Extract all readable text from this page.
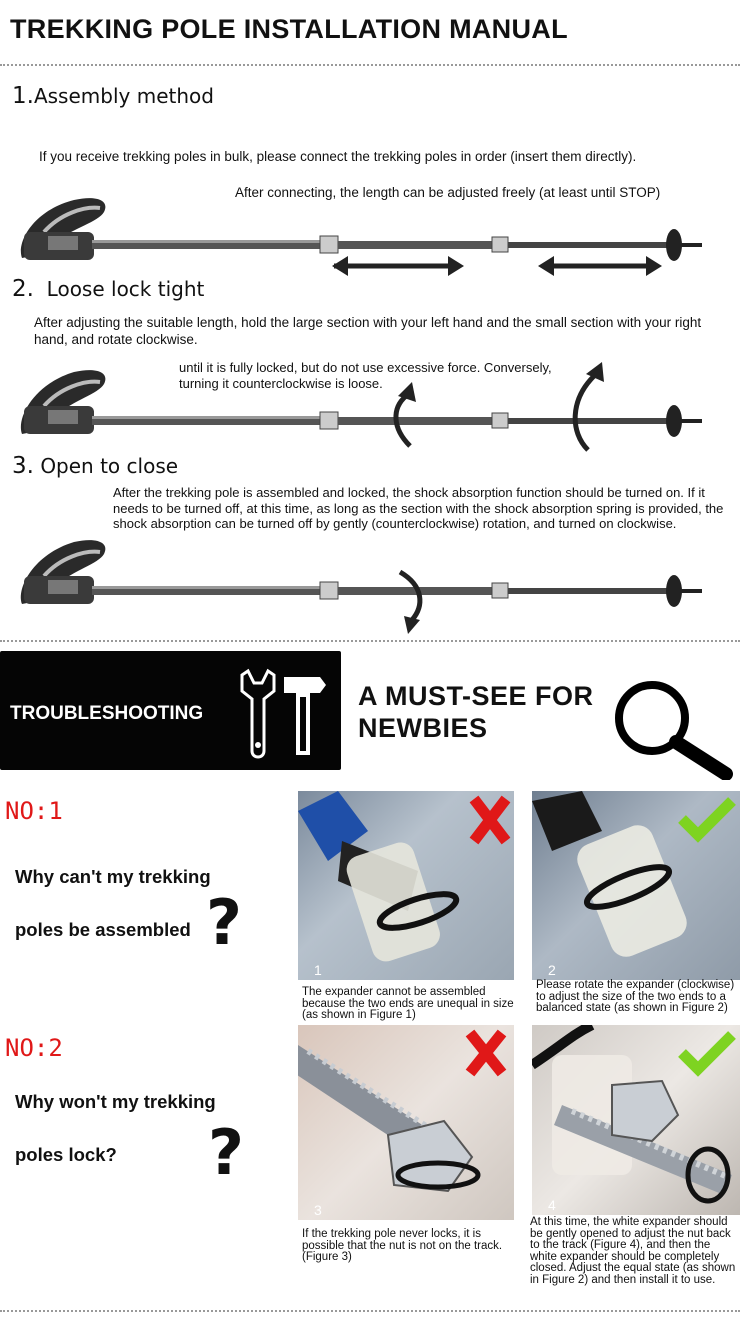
TREKKING POLE INSTALLATION MANUAL
1.Assembly method
If you receive trekking poles in bulk, please connect the trekking poles in order (insert them directly).
After connecting, the length can be adjusted freely (at least until STOP)
2. Loose lock tight
After adjusting the suitable length, hold the large section with your left hand and the small section with your right hand, and rotate clockwise.
until it is fully locked, but do not use excessive force. Conversely, turning it counterclockwise is loose.
3. Open to close
After the trekking pole is assembled and locked, the shock absorption function should be turned on. If it needs to be turned off, at this time, as long as the section with the shock absorption spring is provided, the shock absorption can be turned off by gently (counterclockwise) rotation, and turned on clockwise.
TROUBLESHOOTING
A MUST-SEE FOR NEWBIES
NO:1
Why can't my trekking
poles be assembled ?
1
The expander cannot be assembled because the two ends are unequal in size (as shown in Figure 1)
2
Please rotate the expander (clockwise) to adjust the size of the two ends to a balanced state (as shown in Figure 2)
NO:2
Why won't my trekking
poles lock? ?
3
If the trekking pole never locks, it is possible that the nut is not on the track. (Figure 3)
4
At this time, the white expander should be gently opened to adjust the nut back to the track (Figure 4), and then the white expander should be completely closed. Adjust the equal state (as shown in Figure 2) and then install it to use.
